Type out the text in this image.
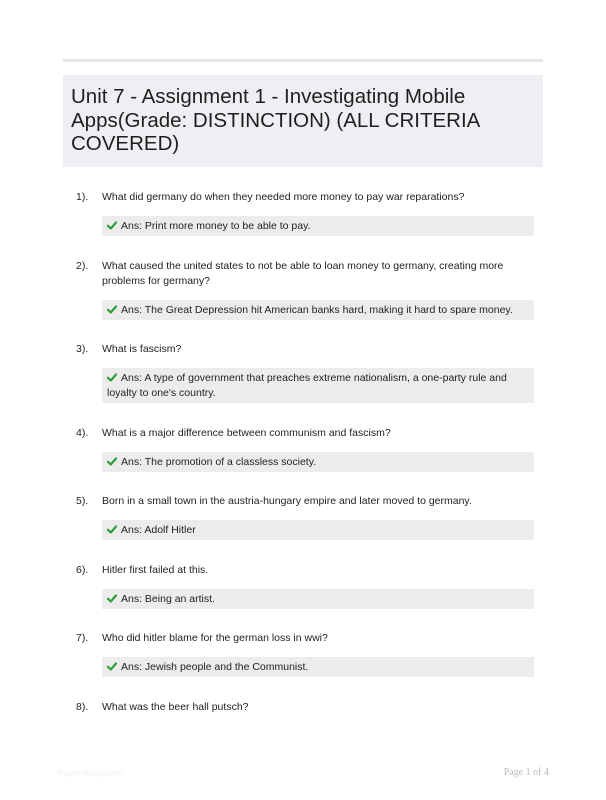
Unit 7 - Assignment 1 - Investigating Mobile Apps(Grade: DISTINCTION) (ALL CRITERIA COVERED)
1). What did germany do when they needed more money to pay war reparations?
Ans: Print more money to be able to pay.
2). What caused the united states to not be able to loan money to germany, creating more problems for germany?
Ans: The Great Depression hit American banks hard, making it hard to spare money.
3). What is fascism?
Ans: A type of government that preaches extreme nationalism, a one-party rule and loyalty to one's country.
4). What is a major difference between communism and fascism?
Ans: The promotion of a classless society.
5). Born in a small town in the austria-hungary empire and later moved to germany.
Ans: Adolf Hitler
6). Hitler first failed at this.
Ans: Being an artist.
7). Who did hitler blame for the german loss in wwi?
Ans: Jewish people and the Communist.
8). What was the beer hall putsch?
Paperstudy.com	Page 1 of 4
